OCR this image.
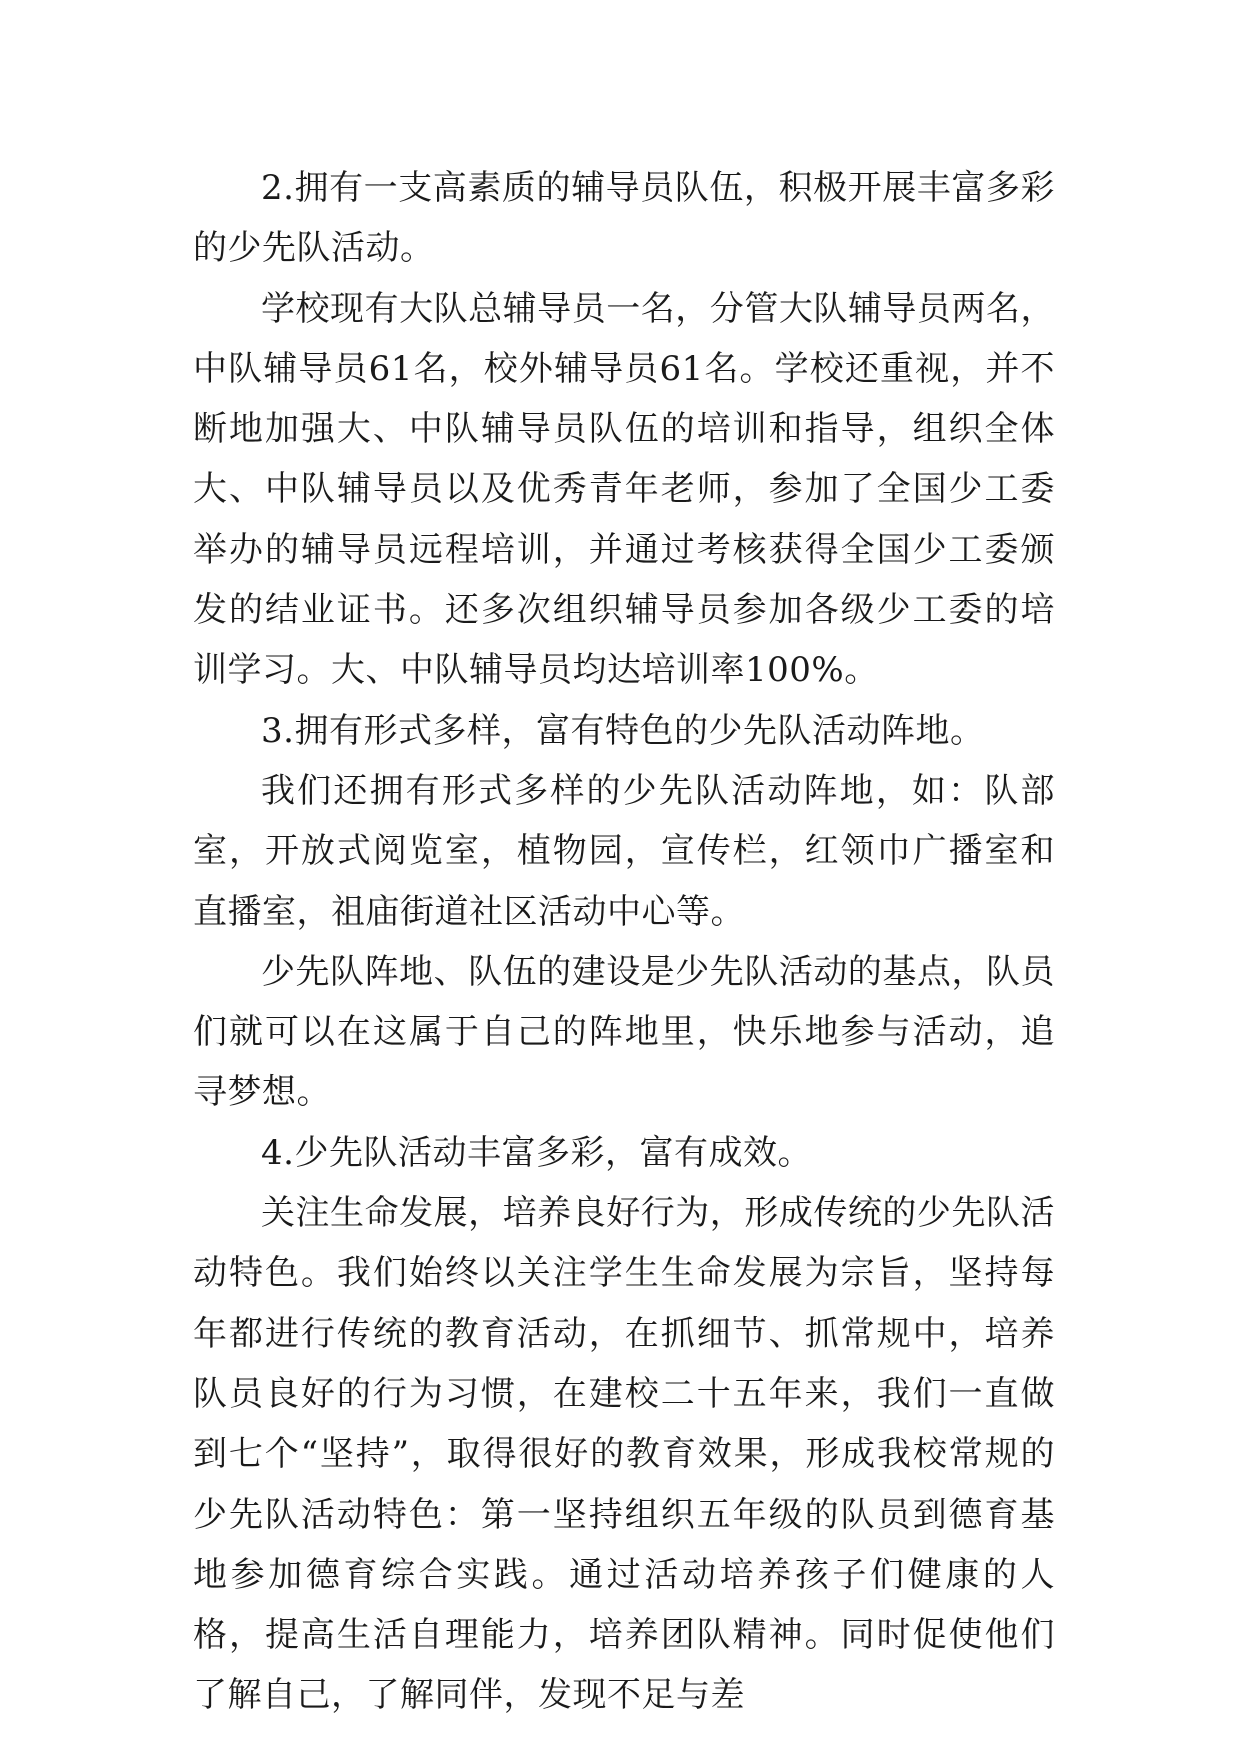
2.拥有一支高素质的辅导员队伍，积极开展丰富多彩的少先队活动。

学校现有大队总辅导员一名，分管大队辅导员两名，中队辅导员61名，校外辅导员61名。学校还重视，并不断地加强大、中队辅导员队伍的培训和指导，组织全体大、中队辅导员以及优秀青年老师，参加了全国少工委举办的辅导员远程培训，并通过考核获得全国少工委颁发的结业证书。还多次组织辅导员参加各级少工委的培训学习。大、中队辅导员均达培训率100%。

3.拥有形式多样，富有特色的少先队活动阵地。

我们还拥有形式多样的少先队活动阵地，如：队部室，开放式阅览室，植物园，宣传栏，红领巾广播室和直播室，祖庙街道社区活动中心等。

少先队阵地、队伍的建设是少先队活动的基点，队员们就可以在这属于自己的阵地里，快乐地参与活动，追寻梦想。

4.少先队活动丰富多彩，富有成效。

关注生命发展，培养良好行为，形成传统的少先队活动特色。我们始终以关注学生生命发展为宗旨，坚持每年都进行传统的教育活动，在抓细节、抓常规中，培养队员良好的行为习惯，在建校二十五年来，我们一直做到七个“坚持”，取得很好的教育效果，形成我校常规的少先队活动特色：第一坚持组织五年级的队员到德育基地参加德育综合实践。通过活动培养孩子们健康的人格，提高生活自理能力，培养团队精神。同时促使他们了解自己，了解同伴，发现不足与差
